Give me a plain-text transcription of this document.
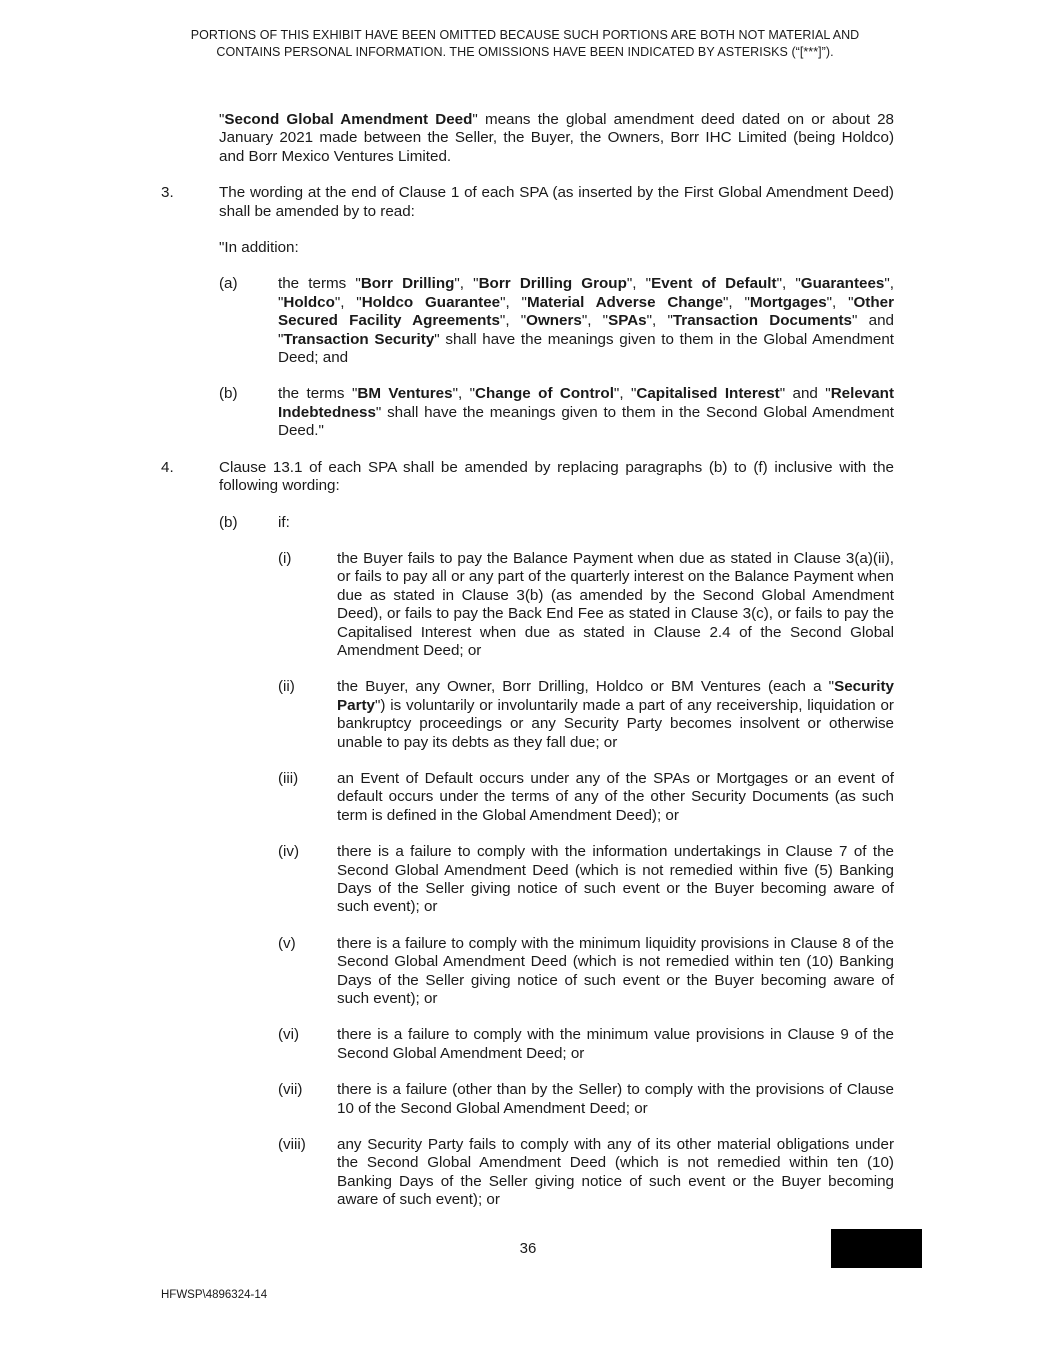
PORTIONS OF THIS EXHIBIT HAVE BEEN OMITTED BECAUSE SUCH PORTIONS ARE BOTH NOT MATERIAL AND
CONTAINS PERSONAL INFORMATION. THE OMISSIONS HAVE BEEN INDICATED BY ASTERISKS (“[***]”).
"Second Global Amendment Deed" means the global amendment deed dated on or about 28 January 2021 made between the Seller, the Buyer, the Owners, Borr IHC Limited (being Holdco) and Borr Mexico Ventures Limited.
3.	The wording at the end of Clause 1 of each SPA (as inserted by the First Global Amendment Deed) shall be amended by to read:
"In addition:
(a)	the terms "Borr Drilling", "Borr Drilling Group", "Event of Default", "Guarantees", "Holdco", "Holdco Guarantee", "Material Adverse Change", "Mortgages", "Other Secured Facility Agreements", "Owners", "SPAs", "Transaction Documents" and "Transaction Security" shall have the meanings given to them in the Global Amendment Deed; and
(b)	the terms "BM Ventures", "Change of Control", "Capitalised Interest" and "Relevant Indebtedness" shall have the meanings given to them in the Second Global Amendment Deed."
4.	Clause 13.1 of each SPA shall be amended by replacing paragraphs (b) to (f) inclusive with the following wording:
(b)	if:
(i)	the Buyer fails to pay the Balance Payment when due as stated in Clause 3(a)(ii), or fails to pay all or any part of the quarterly interest on the Balance Payment when due as stated in Clause 3(b) (as amended by the Second Global Amendment Deed), or fails to pay the Back End Fee as stated in Clause 3(c), or fails to pay the Capitalised Interest when due as stated in Clause 2.4 of the Second Global Amendment Deed; or
(ii)	the Buyer, any Owner, Borr Drilling, Holdco or BM Ventures (each a "Security Party") is voluntarily or involuntarily made a part of any receivership, liquidation or bankruptcy proceedings or any Security Party becomes insolvent or otherwise unable to pay its debts as they fall due; or
(iii)	an Event of Default occurs under any of the SPAs or Mortgages or an event of default occurs under the terms of any of the other Security Documents (as such term is defined in the Global Amendment Deed); or
(iv)	there is a failure to comply with the information undertakings in Clause 7 of the Second Global Amendment Deed (which is not remedied within five (5) Banking Days of the Seller giving notice of such event or the Buyer becoming aware of such event); or
(v)	there is a failure to comply with the minimum liquidity provisions in Clause 8 of the Second Global Amendment Deed (which is not remedied within ten (10) Banking Days of the Seller giving notice of such event or the Buyer becoming aware of such event); or
(vi)	there is a failure to comply with the minimum value provisions in Clause 9 of the Second Global Amendment Deed; or
(vii)	there is a failure (other than by the Seller) to comply with the provisions of Clause 10 of the Second Global Amendment Deed; or
(viii)	any Security Party fails to comply with any of its other material obligations under the Second Global Amendment Deed (which is not remedied within ten (10) Banking Days of the Seller giving notice of such event or the Buyer becoming aware of such event); or
36
HFWSP\4896324-14
